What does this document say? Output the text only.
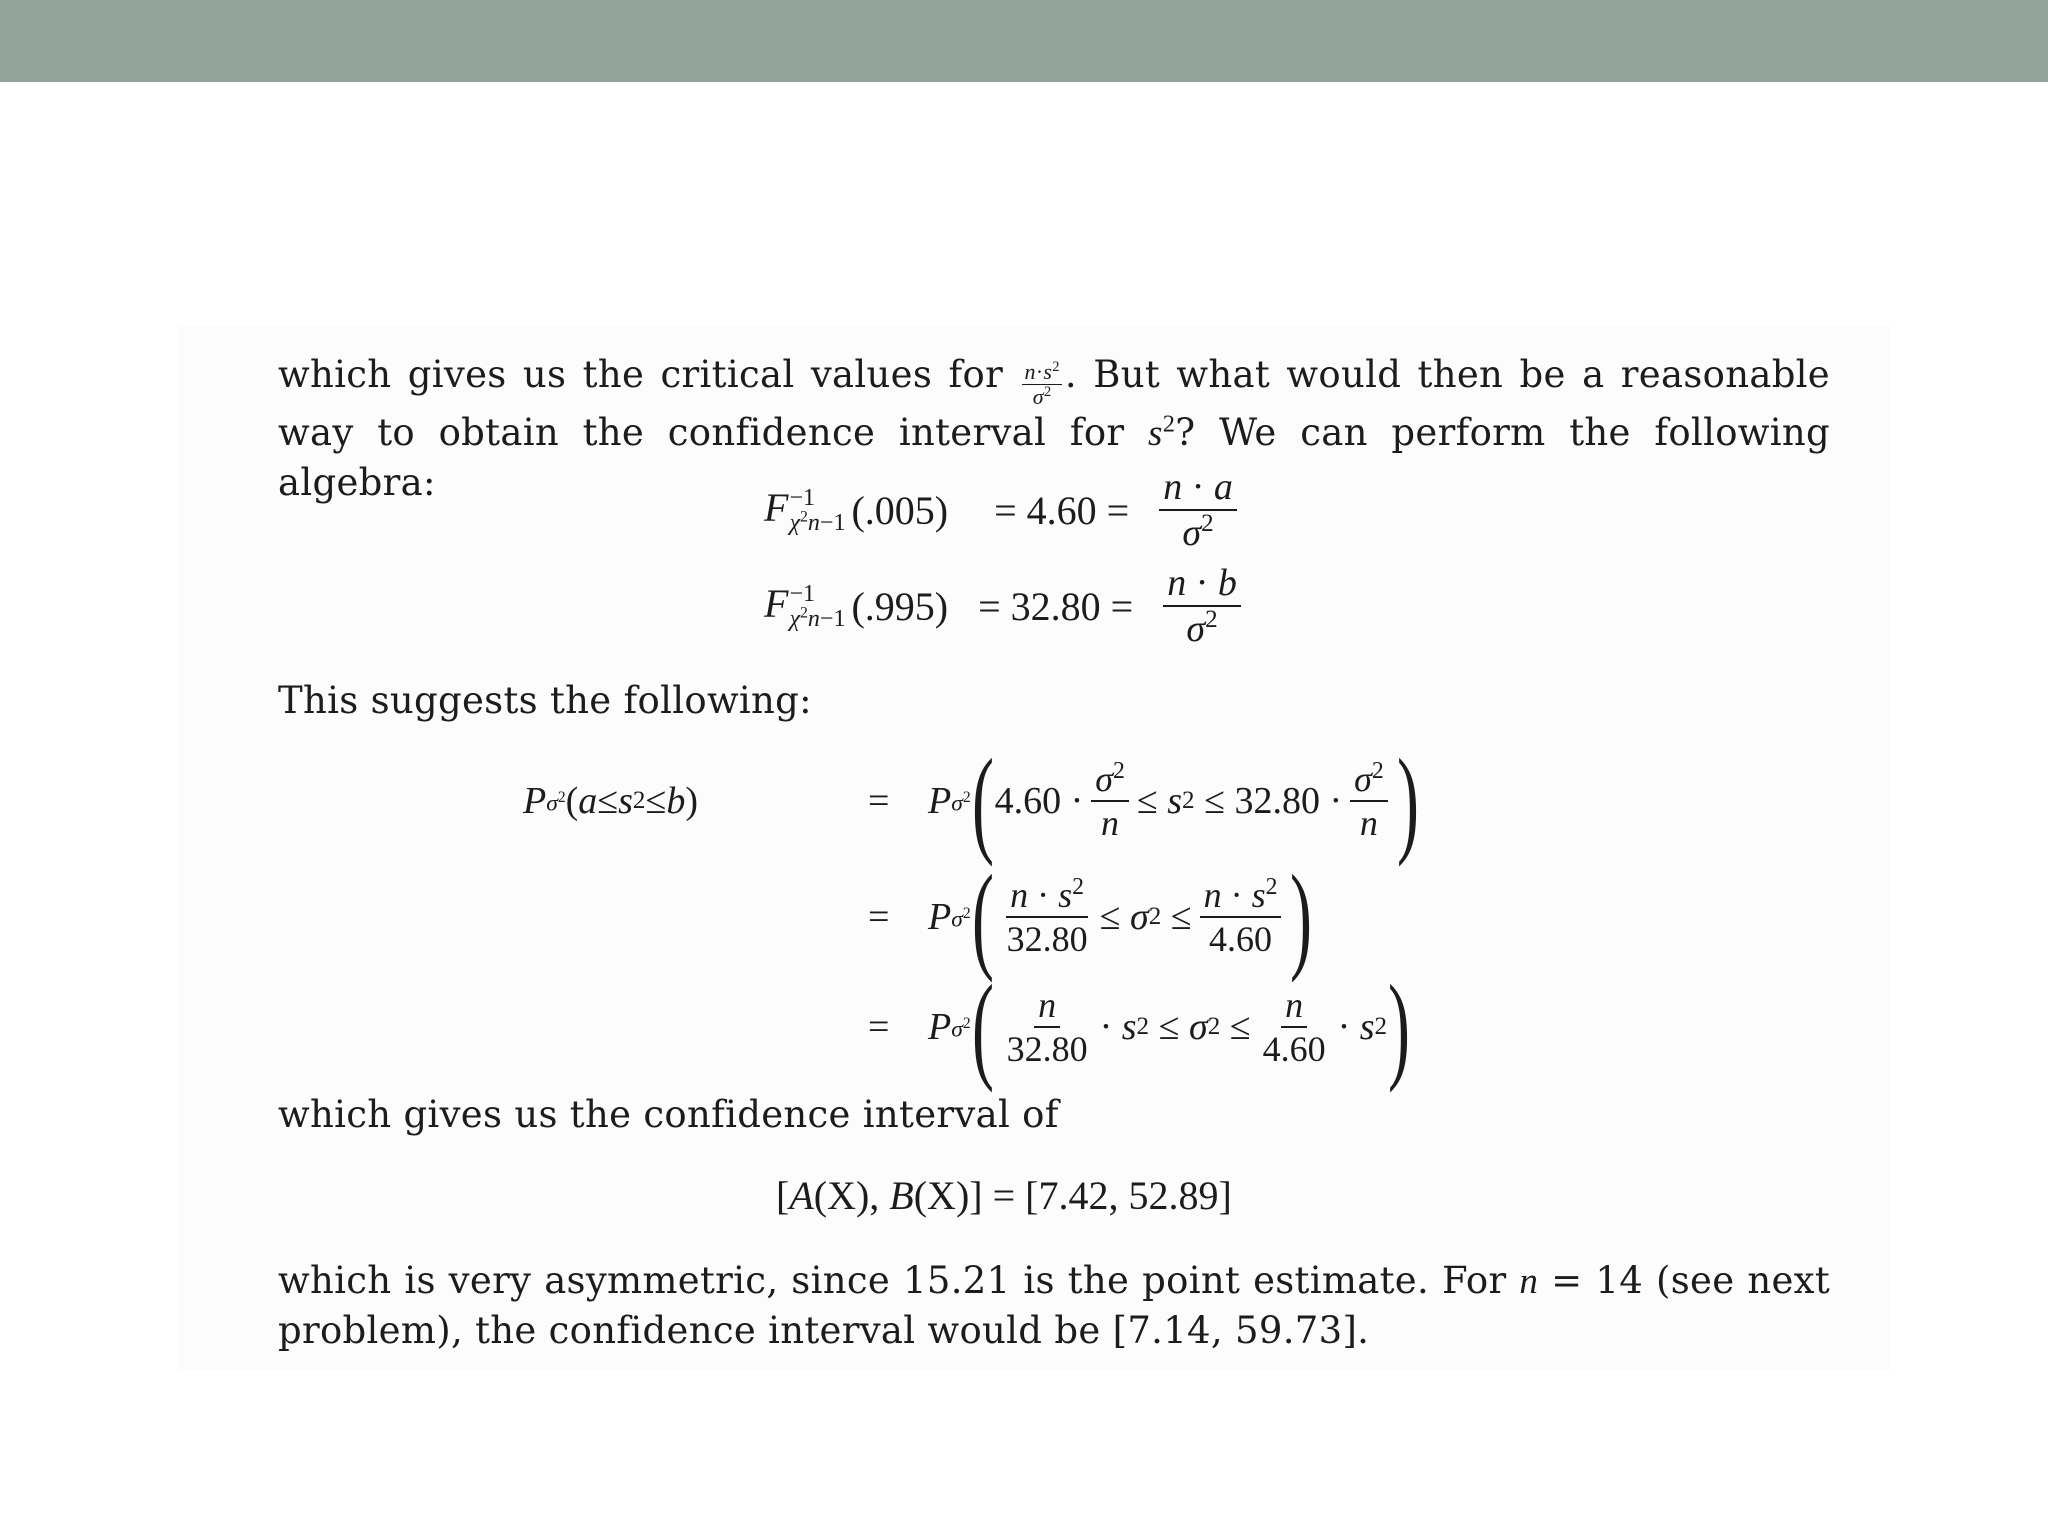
which gives us the critical values for $\frac{n\cdot s^2}{\sigma^2}$ . But what would then be a reasonable way to obtain the confidence interval for $s^2$? We can perform the following algebra:

F −1
$\chi^2n-1$ $(.005) = 4.60 = \frac{n \cdot a}{\sigma^2}$
F −1
$\chi^2n-1$ $(.995) = 32.80 = \frac{n \cdot b}{\sigma^2}$

This suggests the following:

P $\sigma^2$ ( a ≤ s 2 ≤ b )	= P $\sigma^2$ ( $4.60 \cdot \frac{\sigma^2}{n}$ ≤
s 2
≤
$32.80 \cdot \frac{\sigma^2}{n}$ )
= P $\sigma^2$ ( $\frac{n \cdot s^2}{32.80}$ ≤
σ 2
≤ $\frac{n \cdot s^2}{4.60}$ )
= P $\sigma^2$ ( $\frac{n}{32.80}$ ·
s 2
≤
σ 2
≤ $\frac{n}{4.60}$ ·
s 2 )

which gives us the confidence interval of

[A(X), B(X)] = [7.42, 52.89]

which is very asymmetric, since 15.21 is the point estimate. For n = 14 (see next problem), the confidence interval would be [7.14, 59.73].
